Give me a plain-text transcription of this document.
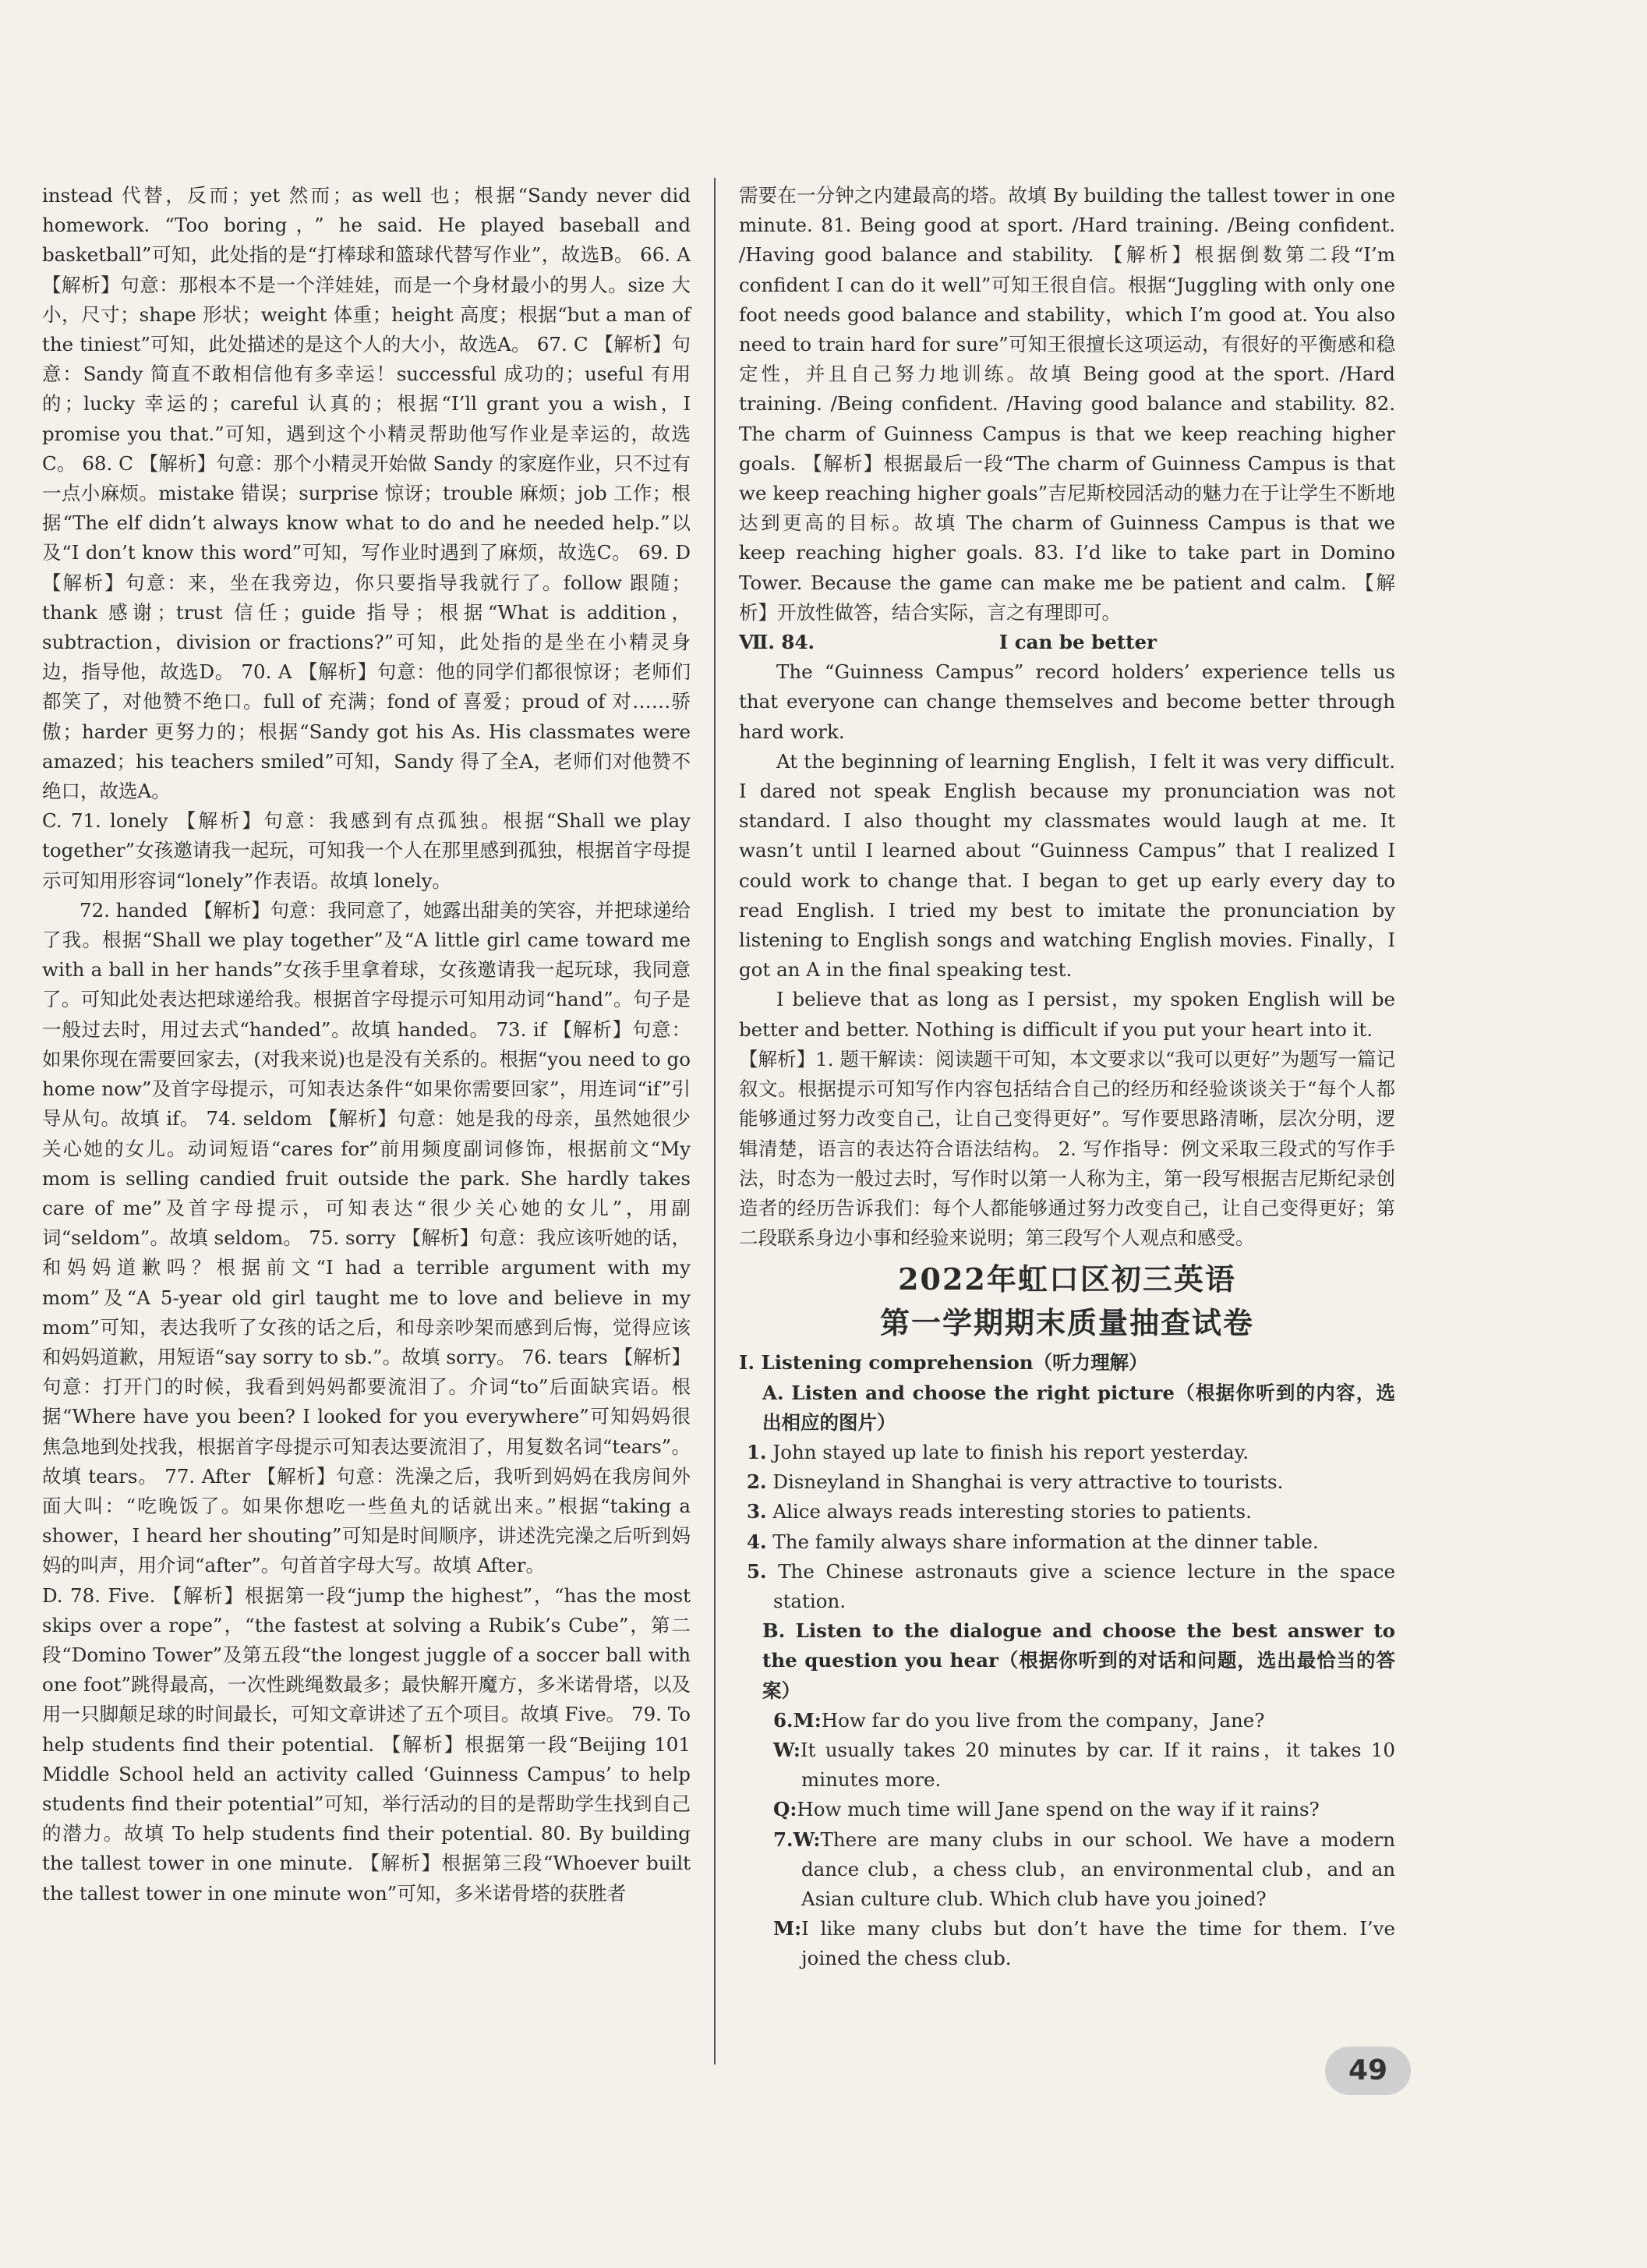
instead 代替，反而；yet 然而；as well 也；根据“Sandy never did homework. “Too boring，” he said. He played baseball and basketball”可知，此处指的是“打棒球和篮球代替写作业”，故选B。 66. A 【解析】句意：那根本不是一个洋娃娃，而是一个身材最小的男人。size 大小，尺寸；shape 形状；weight 体重；height 高度；根据“but a man of the tiniest”可知，此处描述的是这个人的大小，故选A。 67. C 【解析】句意：Sandy 简直不敢相信他有多幸运！successful 成功的；useful 有用的；lucky 幸运的；careful 认真的；根据“I’ll grant you a wish，I promise you that.”可知，遇到这个小精灵帮助他写作业是幸运的，故选C。 68. C 【解析】句意：那个小精灵开始做 Sandy 的家庭作业，只不过有一点小麻烦。mistake 错误；surprise 惊讶；trouble 麻烦；job 工作；根据“The elf didn’t always know what to do and he needed help.”以及“I don’t know this word”可知，写作业时遇到了麻烦，故选C。 69. D 【解析】句意：来，坐在我旁边，你只要指导我就行了。follow 跟随；thank 感谢；trust 信任；guide 指导；根据“What is addition，subtraction，division or fractions?”可知，此处指的是坐在小精灵身边，指导他，故选D。 70. A 【解析】句意：他的同学们都很惊讶；老师们都笑了，对他赞不绝口。full of 充满；fond of 喜爱；proud of 对……骄傲；harder 更努力的；根据“Sandy got his As. His classmates were amazed；his teachers smiled”可知，Sandy 得了全A，老师们对他赞不绝口，故选A。

C. 71. lonely 【解析】句意：我感到有点孤独。根据“Shall we play together”女孩邀请我一起玩，可知我一个人在那里感到孤独，根据首字母提示可知用形容词“lonely”作表语。故填 lonely。

72. handed 【解析】句意：我同意了，她露出甜美的笑容，并把球递给了我。根据“Shall we play together”及“A little girl came toward me with a ball in her hands”女孩手里拿着球，女孩邀请我一起玩球，我同意了。可知此处表达把球递给我。根据首字母提示可知用动词“hand”。句子是一般过去时，用过去式“handed”。故填 handed。 73. if 【解析】句意：如果你现在需要回家去，(对我来说)也是没有关系的。根据“you need to go home now”及首字母提示，可知表达条件“如果你需要回家”，用连词“if”引导从句。故填 if。 74. seldom 【解析】句意：她是我的母亲，虽然她很少关心她的女儿。动词短语“cares for”前用频度副词修饰，根据前文“My mom is selling candied fruit outside the park. She hardly takes care of me”及首字母提示，可知表达“很少关心她的女儿”，用副词“seldom”。故填 seldom。 75. sorry 【解析】句意：我应该听她的话，和妈妈道歉吗？根据前文“I had a terrible argument with my mom”及“A 5-year old girl taught me to love and believe in my mom”可知，表达我听了女孩的话之后，和母亲吵架而感到后悔，觉得应该和妈妈道歉，用短语“say sorry to sb.”。故填 sorry。 76. tears 【解析】句意：打开门的时候，我看到妈妈都要流泪了。介词“to”后面缺宾语。根据“Where have you been? I looked for you everywhere”可知妈妈很焦急地到处找我，根据首字母提示可知表达要流泪了，用复数名词“tears”。故填 tears。 77. After 【解析】句意：洗澡之后，我听到妈妈在我房间外面大叫：“吃晚饭了。如果你想吃一些鱼丸的话就出来。”根据“taking a shower，I heard her shouting”可知是时间顺序，讲述洗完澡之后听到妈妈的叫声，用介词“after”。句首首字母大写。故填 After。

D. 78. Five. 【解析】根据第一段“jump the highest”，“has the most skips over a rope”，“the fastest at solving a Rubik’s Cube”，第二段“Domino Tower”及第五段“the longest juggle of a soccer ball with one foot”跳得最高，一次性跳绳数最多；最快解开魔方，多米诺骨塔，以及用一只脚颠足球的时间最长，可知文章讲述了五个项目。故填 Five。 79. To help students find their potential. 【解析】根据第一段“Beijing 101 Middle School held an activity called ‘Guinness Campus’ to help students find their potential”可知，举行活动的目的是帮助学生找到自己的潜力。故填 To help students find their potential. 80. By building the tallest tower in one minute. 【解析】根据第三段“Whoever built the tallest tower in one minute won”可知，多米诺骨塔的获胜者

需要在一分钟之内建最高的塔。故填 By building the tallest tower in one minute. 81. Being good at sport. /Hard training. /Being confident. /Having good balance and stability. 【解析】根据倒数第二段“I’m confident I can do it well”可知王很自信。根据“Juggling with only one foot needs good balance and stability，which I’m good at. You also need to train hard for sure”可知王很擅长这项运动，有很好的平衡感和稳定性，并且自己努力地训练。故填 Being good at the sport. /Hard training. /Being confident. /Having good balance and stability. 82. The charm of Guinness Campus is that we keep reaching higher goals. 【解析】根据最后一段“The charm of Guinness Campus is that we keep reaching higher goals”吉尼斯校园活动的魅力在于让学生不断地达到更高的目标。故填 The charm of Guinness Campus is that we keep reaching higher goals. 83. I’d like to take part in Domino Tower. Because the game can make me be patient and calm. 【解析】开放性做答，结合实际，言之有理即可。

Ⅶ. 84.	I can be better

The “Guinness Campus” record holders’ experience tells us that everyone can change themselves and become better through hard work.

At the beginning of learning English，I felt it was very difficult. I dared not speak English because my pronunciation was not standard. I also thought my classmates would laugh at me. It wasn’t until I learned about “Guinness Campus” that I realized I could work to change that. I began to get up early every day to read English. I tried my best to imitate the pronunciation by listening to English songs and watching English movies. Finally，I got an A in the final speaking test.

I believe that as long as I persist，my spoken English will be better and better. Nothing is difficult if you put your heart into it.

【解析】1. 题干解读：阅读题干可知，本文要求以“我可以更好”为题写一篇记叙文。根据提示可知写作内容包括结合自己的经历和经验谈谈关于“每个人都能够通过努力改变自己，让自己变得更好”。写作要思路清晰，层次分明，逻辑清楚，语言的表达符合语法结构。 2. 写作指导：例文采取三段式的写作手法，时态为一般过去时，写作时以第一人称为主，第一段写根据吉尼斯纪录创造者的经历告诉我们：每个人都能够通过努力改变自己，让自己变得更好；第二段联系身边小事和经验来说明；第三段写个人观点和感受。

2022年虹口区初三英语
第一学期期末质量抽查试卷

Ⅰ. Listening comprehension（听力理解）

A. Listen and choose the right picture（根据你听到的内容，选出相应的图片）

1. John stayed up late to finish his report yesterday.

2. Disneyland in Shanghai is very attractive to tourists.

3. Alice always reads interesting stories to patients.

4. The family always share information at the dinner table.

5. The Chinese astronauts give a science lecture in the space station.

B. Listen to the dialogue and choose the best answer to the question you hear（根据你听到的对话和问题，选出最恰当的答案）

6.M:How far do you live from the company，Jane?

W:It usually takes 20 minutes by car. If it rains，it takes 10 minutes more.

Q:How much time will Jane spend on the way if it rains?

7.W:There are many clubs in our school. We have a modern dance club，a chess club，an environmental club，and an Asian culture club. Which club have you joined?

M:I like many clubs but don’t have the time for them. I’ve joined the chess club.

49
